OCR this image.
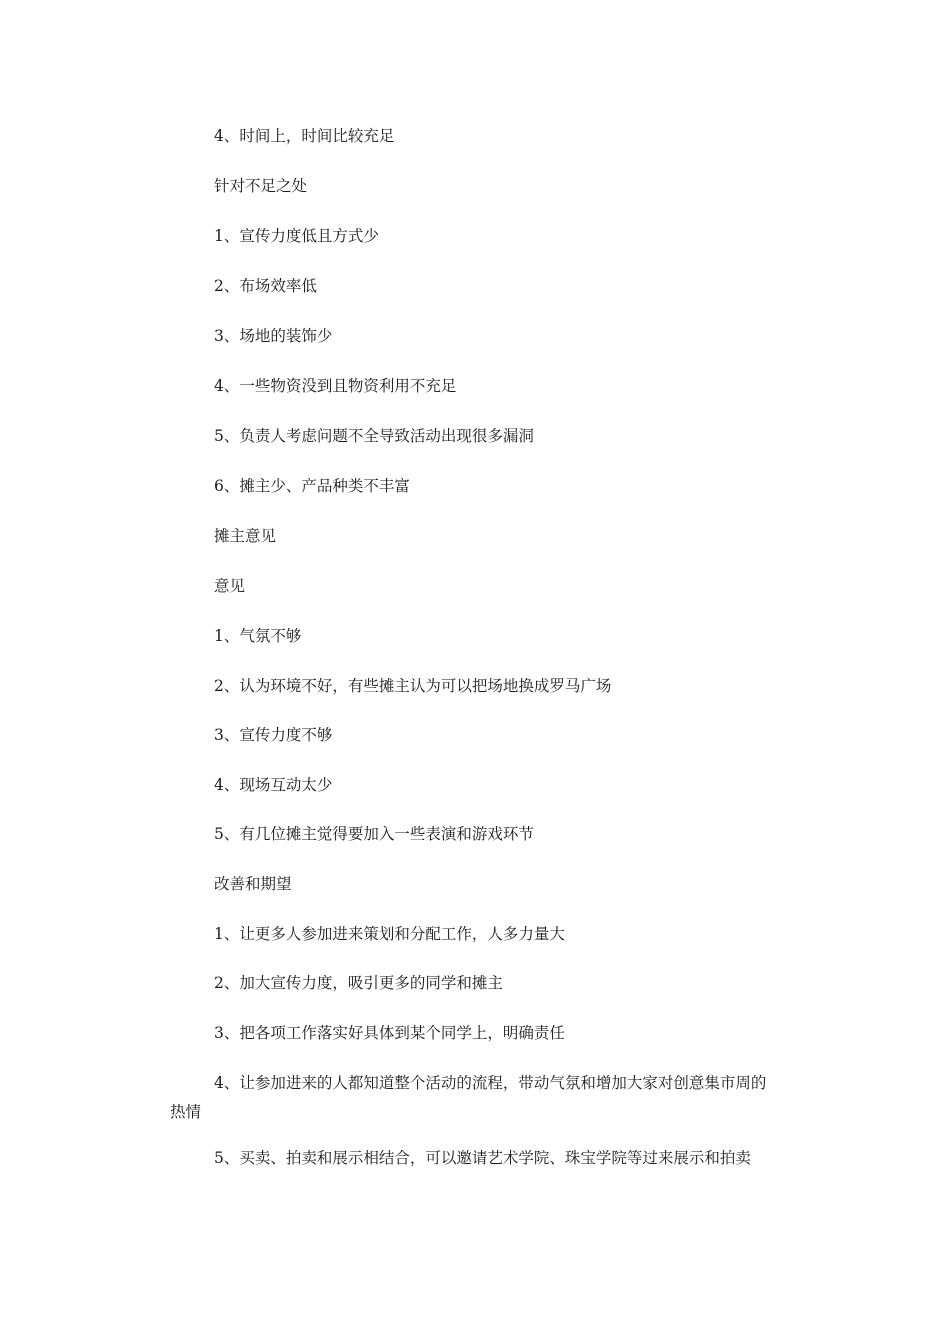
4、时间上，时间比较充足

针对不足之处

1、宣传力度低且方式少

2、布场效率低

3、场地的装饰少

4、一些物资没到且物资利用不充足

5、负责人考虑问题不全导致活动出现很多漏洞

6、摊主少、产品种类不丰富

摊主意见

意见

1、气氛不够

2、认为环境不好，有些摊主认为可以把场地换成罗马广场

3、宣传力度不够

4、现场互动太少

5、有几位摊主觉得要加入一些表演和游戏环节

改善和期望

1、让更多人参加进来策划和分配工作，人多力量大

2、加大宣传力度，吸引更多的同学和摊主

3、把各项工作落实好具体到某个同学上，明确责任

4、让参加进来的人都知道整个活动的流程，带动气氛和增加大家对创意集市周的热情

5、买卖、拍卖和展示相结合，可以邀请艺术学院、珠宝学院等过来展示和拍卖
